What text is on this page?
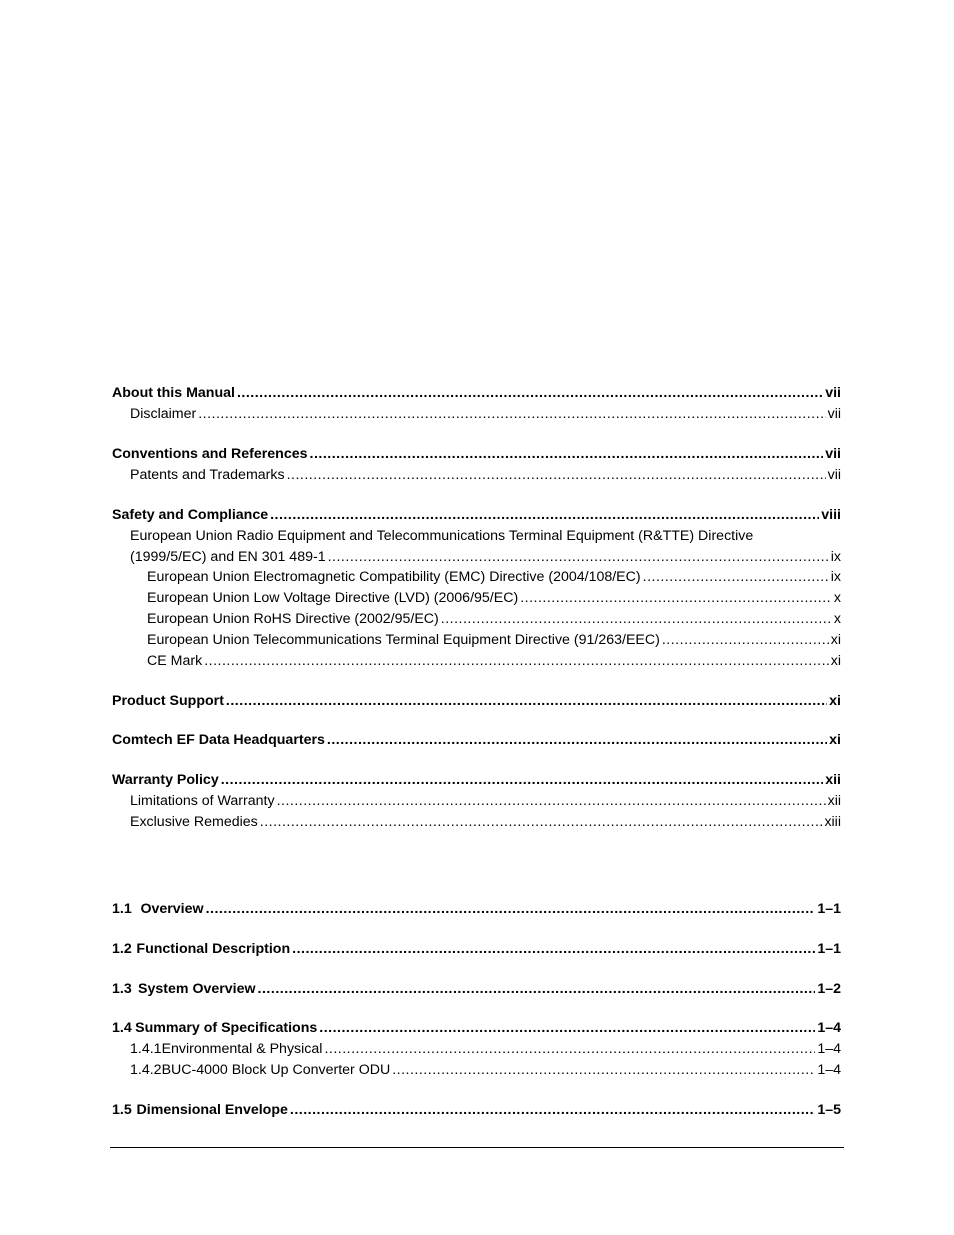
About this Manual .....	vii
Disclaimer .....	vii
Conventions and References .....	vii
Patents and Trademarks .....	vii
Safety and Compliance .....	viii
European Union Radio Equipment and Telecommunications Terminal Equipment (R&TTE) Directive
(1999/5/EC) and EN 301 489-1 .....	ix
European Union Electromagnetic Compatibility (EMC) Directive (2004/108/EC) .....	ix
European Union Low Voltage Directive (LVD) (2006/95/EC) .....	x
European Union RoHS Directive (2002/95/EC) .....	x
European Union Telecommunications Terminal Equipment Directive (91/263/EEC) .....	xi
CE Mark .....	xi
Product Support .....	xi
Comtech EF Data Headquarters .....	xi
Warranty Policy .....	xii
Limitations of Warranty .....	xii
Exclusive Remedies .....	xiii
1.1 Overview .....	1–1
1.2 Functional Description .....	1–1
1.3 System Overview .....	1–2
1.4 Summary of Specifications .....	1–4
1.4.1 Environmental & Physical .....	1–4
1.4.2 BUC-4000 Block Up Converter ODU .....	1–4
1.5 Dimensional Envelope .....	1–5
